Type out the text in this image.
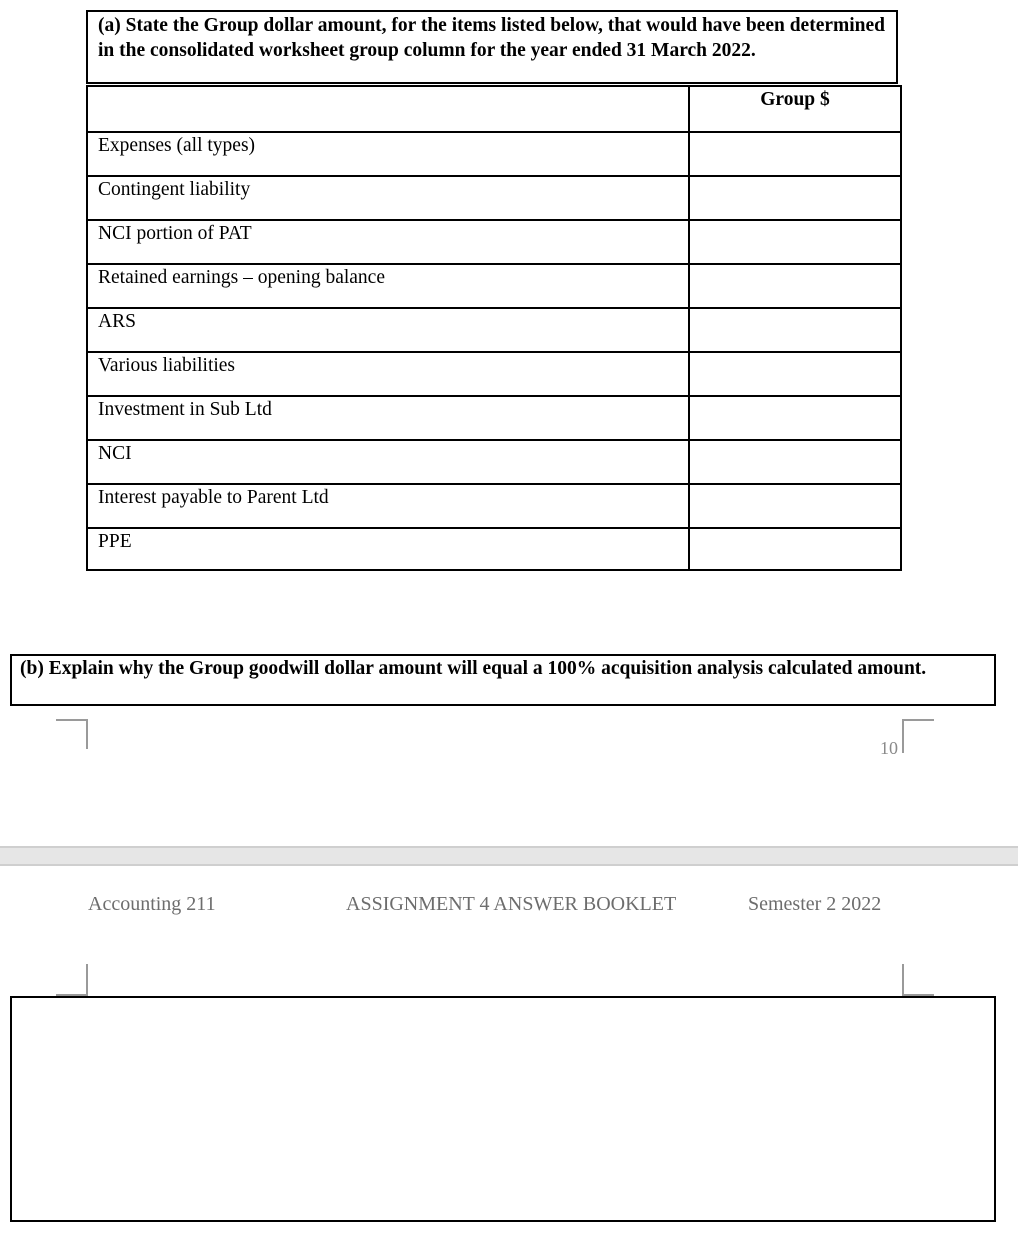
(a) State the Group dollar amount, for the items listed below, that would have been determined in the consolidated worksheet group column for the year ended 31 March 2022.
	Group $
Expenses (all types)	
Contingent liability	
NCI portion of PAT	
Retained earnings – opening balance	
ARS	
Various liabilities	
Investment in Sub Ltd	
NCI	
Interest payable to Parent Ltd	
PPE	
(b) Explain why the Group goodwill dollar amount will equal a 100% acquisition analysis calculated amount.
10
Accounting 211	ASSIGNMENT 4 ANSWER BOOKLET	Semester 2 2022
